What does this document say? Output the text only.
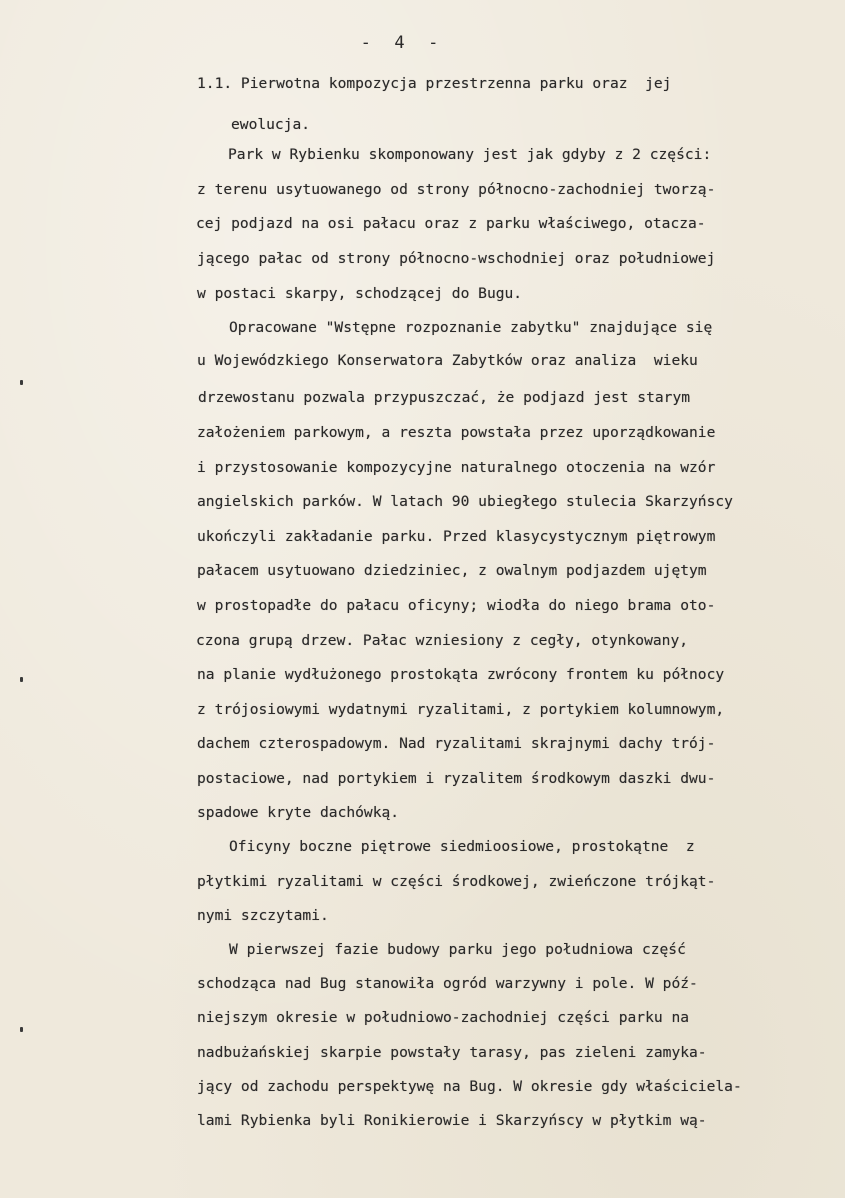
-  4  -
1.1. Pierwotna kompozycja przestrzenna parku oraz  jej
ewolucja.
Park w Rybienku skomponowany jest jak gdyby z 2 części:
z terenu usytuowanego od strony północno-zachodniej tworzą-
cej podjazd na osi pałacu oraz z parku właściwego, otacza-
jącego pałac od strony północno-wschodniej oraz południowej
w postaci skarpy, schodzącej do Bugu.
Opracowane "Wstępne rozpoznanie zabytku" znajdujące się
u Wojewódzkiego Konserwatora Zabytków oraz analiza  wieku
drzewostanu pozwala przypuszczać, że podjazd jest starym
założeniem parkowym, a reszta powstała przez uporządkowanie
i przystosowanie kompozycyjne naturalnego otoczenia na wzór
angielskich parków. W latach 90 ubiegłego stulecia Skarzyńscy
ukończyli zakładanie parku. Przed klasycystycznym piętrowym
pałacem usytuowano dziedziniec, z owalnym podjazdem ujętym
w prostopadłe do pałacu oficyny; wiodła do niego brama oto-
czona grupą drzew. Pałac wzniesiony z cegły, otynkowany,
na planie wydłużonego prostokąta zwrócony frontem ku północy
z trójosiowymi wydatnymi ryzalitami, z portykiem kolumnowym,
dachem czterospadowym. Nad ryzalitami skrajnymi dachy trój-
postaciowe, nad portykiem i ryzalitem środkowym daszki dwu-
spadowe kryte dachówką.
Oficyny boczne piętrowe siedmioosiowe, prostokątne  z
płytkimi ryzalitami w części środkowej, zwieńczone trójkąt-
nymi szczytami.
W pierwszej fazie budowy parku jego południowa część
schodząca nad Bug stanowiła ogród warzywny i pole. W póź-
niejszym okresie w południowo-zachodniej części parku na
nadbużańskiej skarpie powstały tarasy, pas zieleni zamyka-
jący od zachodu perspektywę na Bug. W okresie gdy właściciela-
lami Rybienka byli Ronikierowie i Skarzyńscy w płytkim wą-
